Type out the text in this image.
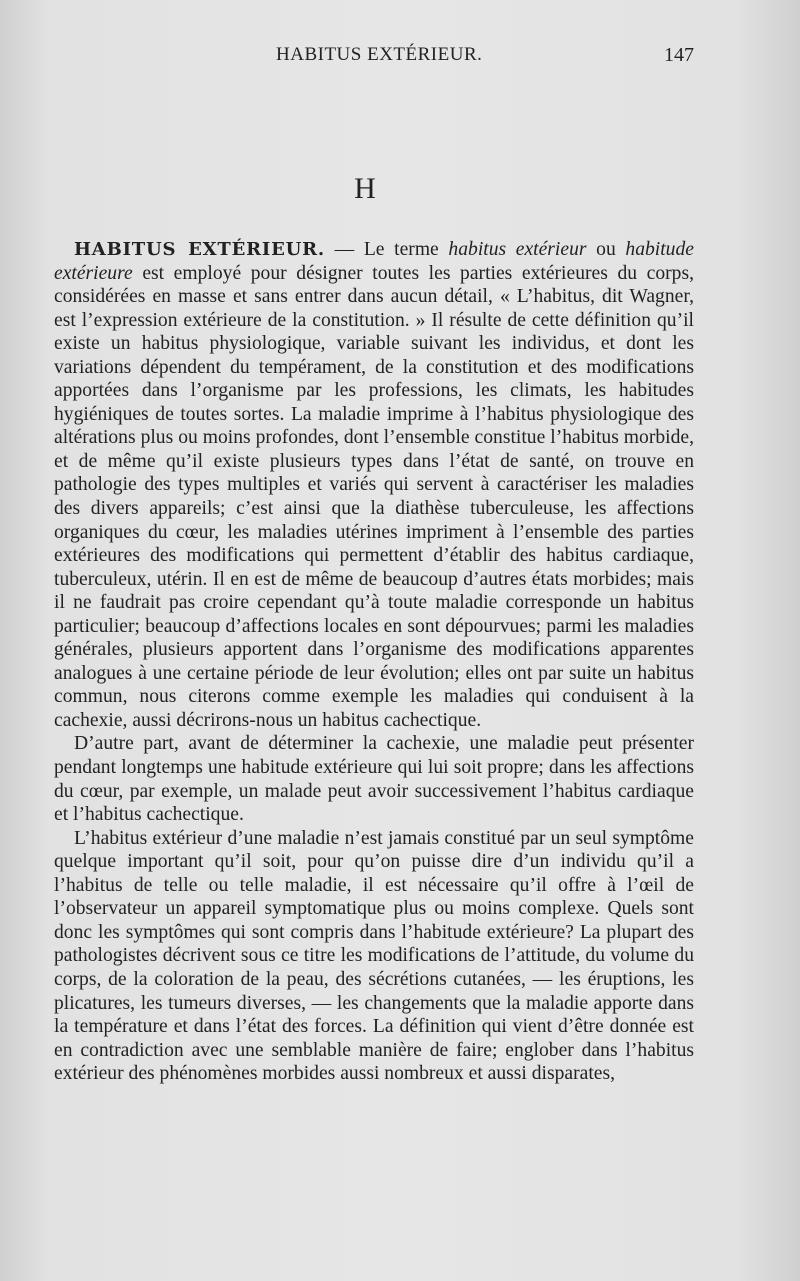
HABITUS EXTÉRIEUR.	147
H

HABITUS EXTÉRIEUR. — Le terme habitus extérieur ou habitude extérieure est employé pour désigner toutes les parties extérieures du corps, considérées en masse et sans entrer dans aucun détail, « L’habitus, dit Wagner, est l’expression extérieure de la constitution. » Il résulte de cette définition qu’il existe un habitus physiologique, variable suivant les individus, et dont les variations dépendent du tempérament, de la constitution et des modifications apportées dans l’organisme par les professions, les climats, les habitudes hygiéniques de toutes sortes. La maladie imprime à l’habitus physiologique des altérations plus ou moins profondes, dont l’ensemble constitue l’habitus morbide, et de même qu’il existe plusieurs types dans l’état de santé, on trouve en pathologie des types multiples et variés qui servent à caractériser les maladies des divers appareils; c’est ainsi que la diathèse tuberculeuse, les affections organiques du cœur, les maladies utérines impriment à l’ensemble des parties extérieures des modifications qui permettent d’établir des habitus cardiaque, tuberculeux, utérin. Il en est de même de beaucoup d’autres états morbides; mais il ne faudrait pas croire cependant qu’à toute maladie corresponde un habitus particulier; beaucoup d’affections locales en sont dépourvues; parmi les maladies générales, plusieurs apportent dans l’organisme des modifications apparentes analogues à une certaine période de leur évolution; elles ont par suite un habitus commun, nous citerons comme exemple les maladies qui conduisent à la cachexie, aussi décrirons-nous un habitus cachectique.

D’autre part, avant de déterminer la cachexie, une maladie peut présenter pendant longtemps une habitude extérieure qui lui soit propre; dans les affections du cœur, par exemple, un malade peut avoir successivement l’habitus cardiaque et l’habitus cachectique.

L’habitus extérieur d’une maladie n’est jamais constitué par un seul symptôme quelque important qu’il soit, pour qu’on puisse dire d’un individu qu’il a l’habitus de telle ou telle maladie, il est nécessaire qu’il offre à l’œil de l’observateur un appareil symptomatique plus ou moins complexe. Quels sont donc les symptômes qui sont compris dans l’habitude extérieure? La plupart des pathologistes décrivent sous ce titre les modifications de l’attitude, du volume du corps, de la coloration de la peau, des sécrétions cutanées, — les éruptions, les plicatures, les tumeurs diverses, — les changements que la maladie apporte dans la température et dans l’état des forces. La définition qui vient d’être donnée est en contradiction avec une semblable manière de faire; englober dans l’habitus extérieur des phénomènes morbides aussi nombreux et aussi disparates,
